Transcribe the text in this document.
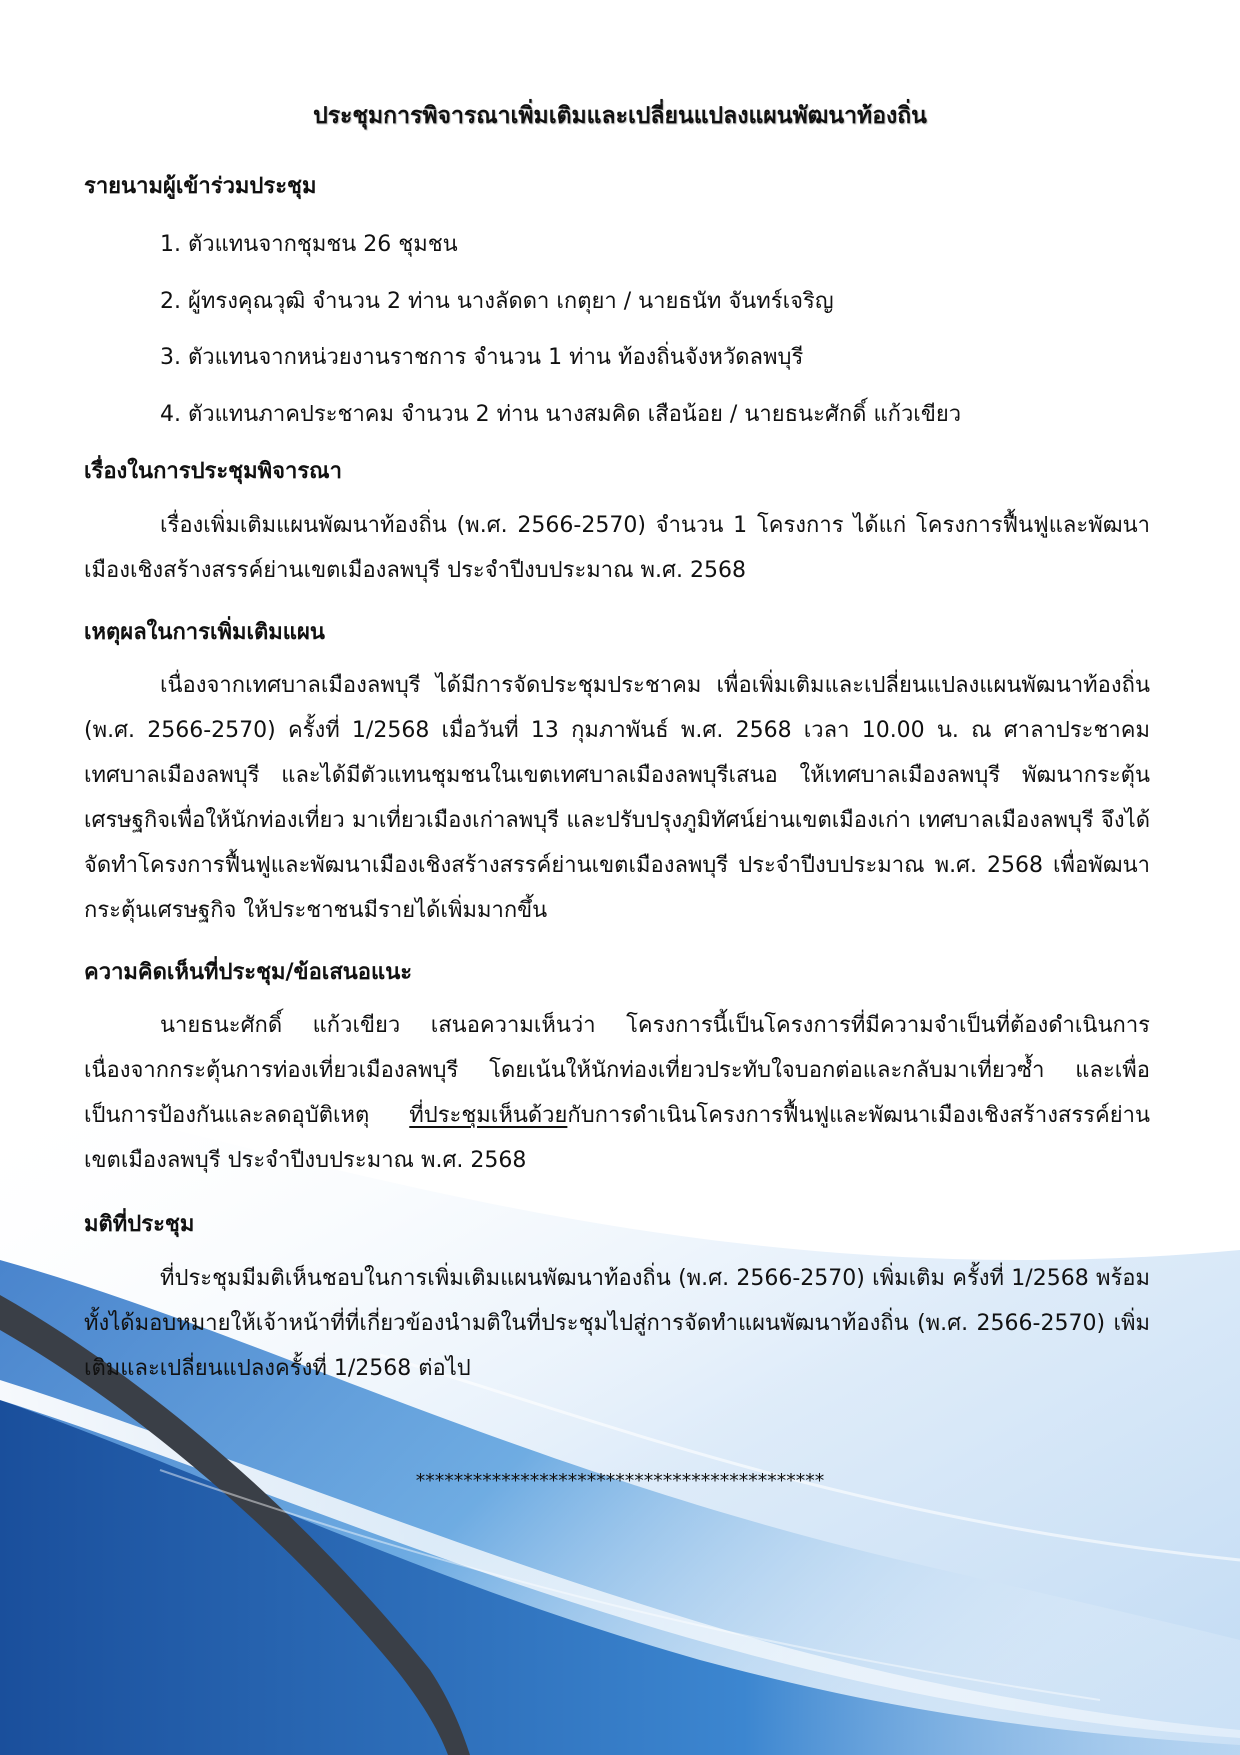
ประชุมการพิจารณาเพิ่มเติมและเปลี่ยนแปลงแผนพัฒนาท้องถิ่น
รายนามผู้เข้าร่วมประชุม
1. ตัวแทนจากชุมชน 26 ชุมชน
2. ผู้ทรงคุณวุฒิ จำนวน 2 ท่าน นางลัดดา เกตุยา / นายธนัท จันทร์เจริญ
3. ตัวแทนจากหน่วยงานราชการ จำนวน 1 ท่าน ท้องถิ่นจังหวัดลพบุรี
4. ตัวแทนภาคประชาคม จำนวน 2 ท่าน นางสมคิด เสือน้อย / นายธนะศักดิ์ แก้วเขียว
เรื่องในการประชุมพิจารณา
เรื่องเพิ่มเติมแผนพัฒนาท้องถิ่น (พ.ศ. 2566-2570) จำนวน 1 โครงการ ได้แก่ โครงการฟื้นฟูและพัฒนาเมืองเชิงสร้างสรรค์ย่านเขตเมืองลพบุรี ประจำปีงบประมาณ พ.ศ. 2568
เหตุผลในการเพิ่มเติมแผน
เนื่องจากเทศบาลเมืองลพบุรี ได้มีการจัดประชุมประชาคม เพื่อเพิ่มเติมและเปลี่ยนแปลงแผนพัฒนาท้องถิ่น (พ.ศ. 2566-2570) ครั้งที่ 1/2568 เมื่อวันที่ 13 กุมภาพันธ์ พ.ศ. 2568 เวลา 10.00 น. ณ ศาลาประชาคมเทศบาลเมืองลพบุรี และได้มีตัวแทนชุมชนในเขตเทศบาลเมืองลพบุรีเสนอ ให้เทศบาลเมืองลพบุรี พัฒนากระตุ้นเศรษฐกิจเพื่อให้นักท่องเที่ยว มาเที่ยวเมืองเก่าลพบุรี และปรับปรุงภูมิทัศน์ย่านเขตเมืองเก่า เทศบาลเมืองลพบุรี จึงได้จัดทำโครงการฟื้นฟูและพัฒนาเมืองเชิงสร้างสรรค์ย่านเขตเมืองลพบุรี ประจำปีงบประมาณ พ.ศ. 2568 เพื่อพัฒนากระตุ้นเศรษฐกิจ ให้ประชาชนมีรายได้เพิ่มมากขึ้น
ความคิดเห็นที่ประชุม/ข้อเสนอแนะ
นายธนะศักดิ์ แก้วเขียว เสนอความเห็นว่า โครงการนี้เป็นโครงการที่มีความจำเป็นที่ต้องดำเนินการ เนื่องจากกระตุ้นการท่องเที่ยวเมืองลพบุรี โดยเน้นให้นักท่องเที่ยวประทับใจบอกต่อและกลับมาเที่ยวซ้ำ และเพื่อเป็นการป้องกันและลดอุบัติเหตุ ที่ประชุมเห็นด้วยกับการดำเนินโครงการฟื้นฟูและพัฒนาเมืองเชิงสร้างสรรค์ย่านเขตเมืองลพบุรี ประจำปีงบประมาณ พ.ศ. 2568
มติที่ประชุม
ที่ประชุมมีมติเห็นชอบในการเพิ่มเติมแผนพัฒนาท้องถิ่น (พ.ศ. 2566-2570) เพิ่มเติม ครั้งที่ 1/2568 พร้อมทั้งได้มอบหมายให้เจ้าหน้าที่ที่เกี่ยวข้องนำมติในที่ประชุมไปสู่การจัดทำแผนพัฒนาท้องถิ่น (พ.ศ. 2566-2570) เพิ่มเติมและเปลี่ยนแปลงครั้งที่ 1/2568 ต่อไป
*******************************************
